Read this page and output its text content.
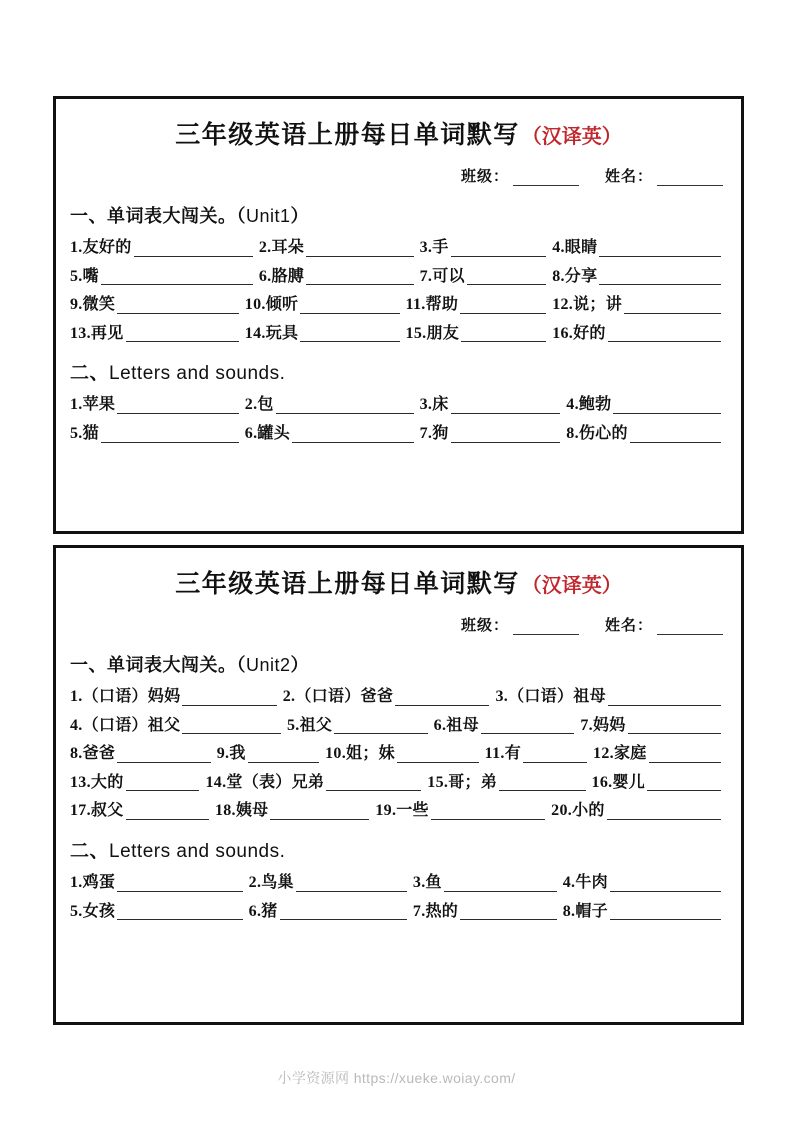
三年级英语上册每日单词默写 （汉译英）
班级：	姓名：
一、单词表大闯关。（Unit1）
1. 友好的	2. 耳朵	3. 手	4. 眼睛
5. 嘴	6. 胳膊	7. 可以	8. 分享
9. 微笑	10. 倾听	11. 帮助	12. 说；讲
13. 再见	14. 玩具	15. 朋友	16. 好的
二、Letters and sounds.
1. 苹果	2. 包	3. 床	4. 鲍勃
5. 猫	6. 罐头	7. 狗	8. 伤心的
三年级英语上册每日单词默写 （汉译英）
班级：	姓名：
一、单词表大闯关。（Unit2）
1. （口语）妈妈	2. （口语）爸爸	3. （口语）祖母
4. （口语）祖父	5. 祖父	6. 祖母	7. 妈妈
8. 爸爸	9. 我	10. 姐；妹	11. 有	12. 家庭
13. 大的	14. 堂（表）兄弟	15. 哥；弟	16. 婴儿
17. 叔父	18. 姨母	19. 一些	20. 小的
二、Letters and sounds.
1. 鸡蛋	2. 鸟巢	3. 鱼	4. 牛肉
5. 女孩	6. 猪	7. 热的	8. 帽子
小学资源网 https://xueke.woiay.com/
